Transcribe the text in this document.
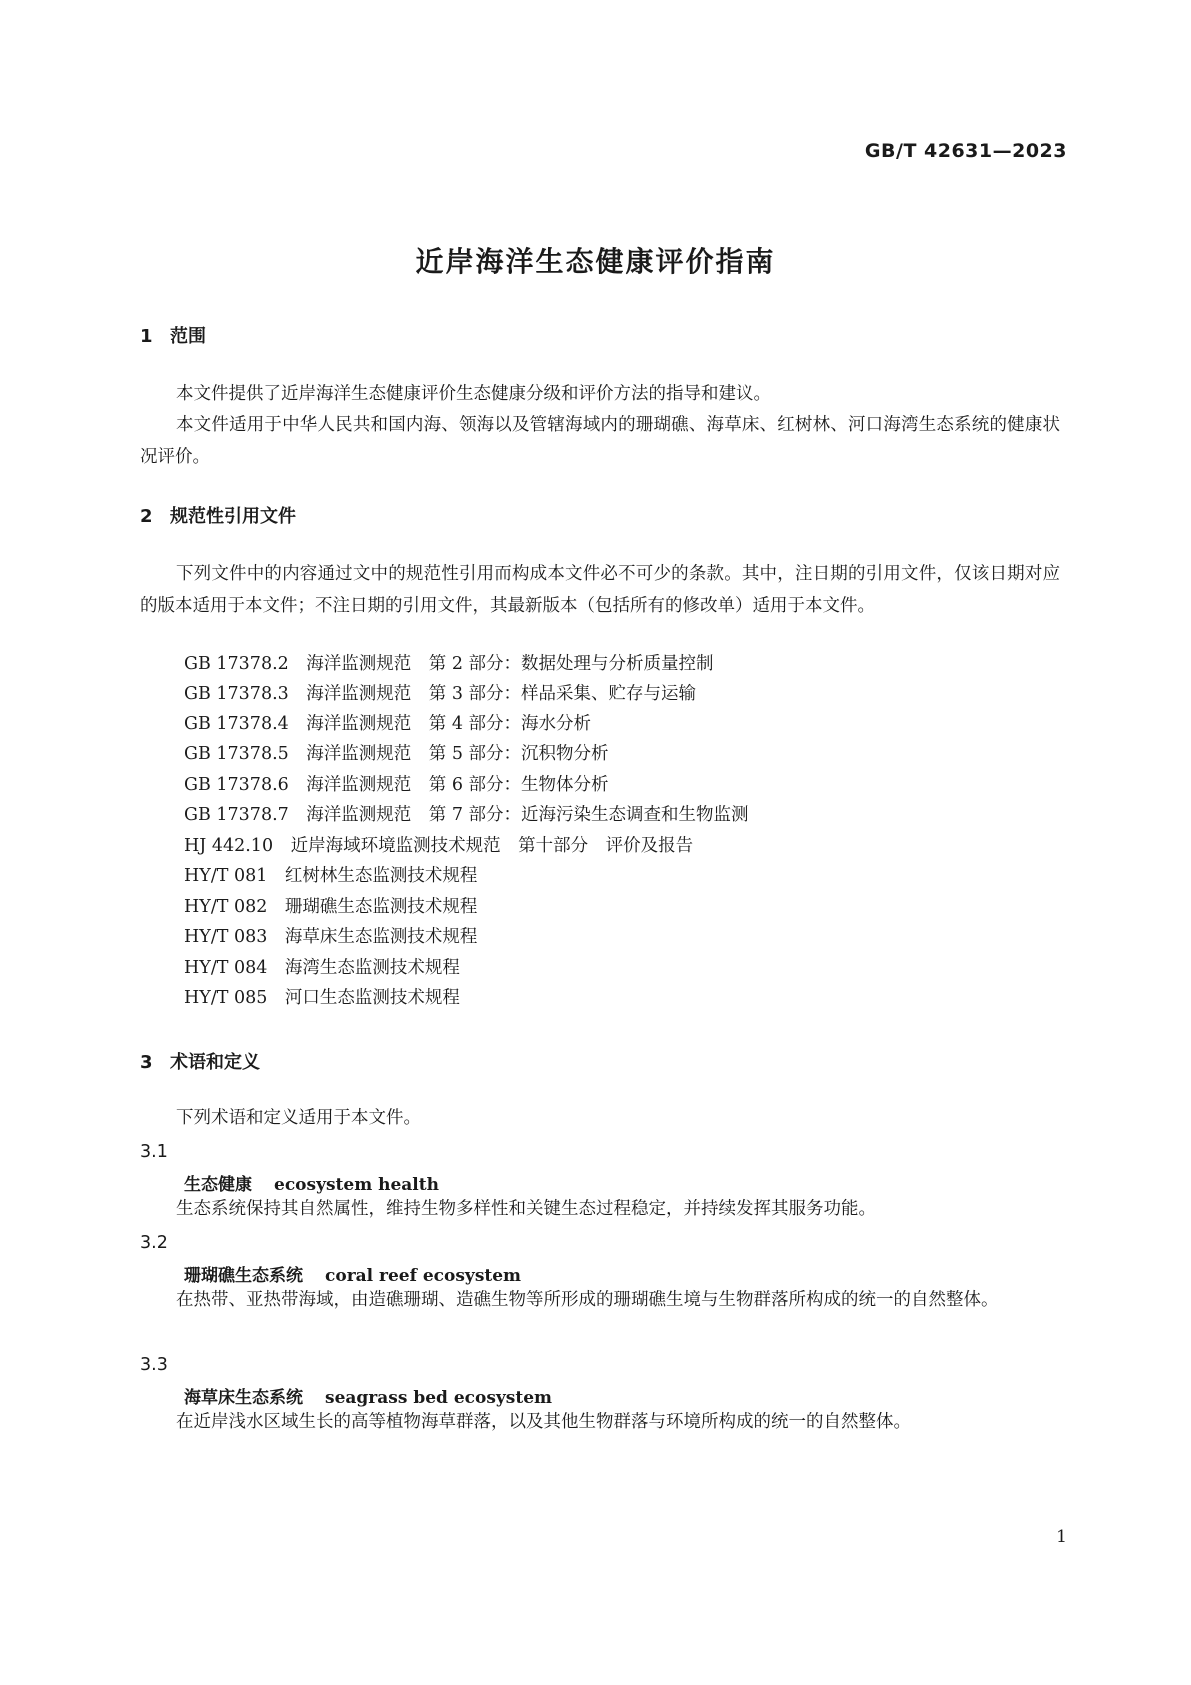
GB/T 42631—2023
近岸海洋生态健康评价指南
1 范围
本文件提供了近岸海洋生态健康评价生态健康分级和评价方法的指导和建议。
本文件适用于中华人民共和国内海、领海以及管辖海域内的珊瑚礁、海草床、红树林、河口海湾生态系统的健康状况评价。
2 规范性引用文件
下列文件中的内容通过文中的规范性引用而构成本文件必不可少的条款。其中，注日期的引用文件，仅该日期对应的版本适用于本文件；不注日期的引用文件，其最新版本（包括所有的修改单）适用于本文件。
GB 17378.2　海洋监测规范　第 2 部分：数据处理与分析质量控制
GB 17378.3　海洋监测规范　第 3 部分：样品采集、贮存与运输
GB 17378.4　海洋监测规范　第 4 部分：海水分析
GB 17378.5　海洋监测规范　第 5 部分：沉积物分析
GB 17378.6　海洋监测规范　第 6 部分：生物体分析
GB 17378.7　海洋监测规范　第 7 部分：近海污染生态调查和生物监测
HJ 442.10　近岸海域环境监测技术规范　第十部分　评价及报告
HY/T 081　红树林生态监测技术规程
HY/T 082　珊瑚礁生态监测技术规程
HY/T 083　海草床生态监测技术规程
HY/T 084　海湾生态监测技术规程
HY/T 085　河口生态监测技术规程
3 术语和定义
下列术语和定义适用于本文件。
3.1
生态健康 ecosystem health
生态系统保持其自然属性，维持生物多样性和关键生态过程稳定，并持续发挥其服务功能。
3.2
珊瑚礁生态系统 coral reef ecosystem
在热带、亚热带海域，由造礁珊瑚、造礁生物等所形成的珊瑚礁生境与生物群落所构成的统一的自然整体。
3.3
海草床生态系统 seagrass bed ecosystem
在近岸浅水区域生长的高等植物海草群落，以及其他生物群落与环境所构成的统一的自然整体。
1
